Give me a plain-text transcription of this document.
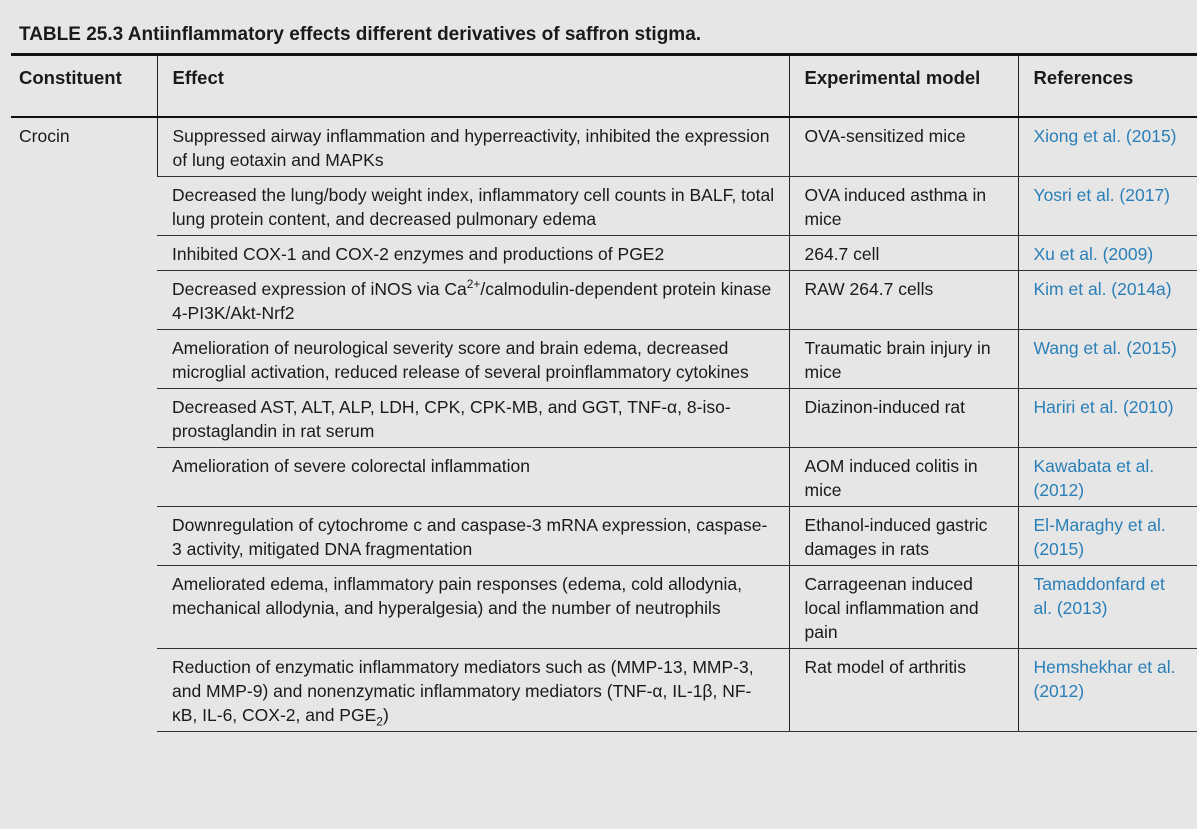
TABLE 25.3 Antiinflammatory effects different derivatives of saffron stigma.
Constituent	Effect	Experimental model	References
Crocin	Suppressed airway inflammation and hyperreactivity, inhibited the expression of lung eotaxin and MAPKs	OVA-sensitized mice	Xiong et al. (2015)
	Decreased the lung/body weight index, inflammatory cell counts in BALF, total lung protein content, and decreased pulmonary edema	OVA induced asthma in mice	Yosri et al. (2017)
	Inhibited COX-1 and COX-2 enzymes and productions of PGE2	264.7 cell	Xu et al. (2009)
	Decreased expression of iNOS via $Ca^{2+}/calmodulin$-dependent protein kinase 4-PI3K/Akt-Nrf2	RAW 264.7 cells	Kim et al. (2014a)
	Amelioration of neurological severity score and brain edema, decreased microglial activation, reduced release of several proinflammatory cytokines	Traumatic brain injury in mice	Wang et al. (2015)
	Decreased AST, ALT, ALP, LDH, CPK, CPK-MB, and GGT, TNF-α, 8-iso-prostaglandin in rat serum	Diazinon-induced rat	Hariri et al. (2010)
	Amelioration of severe colorectal inflammation	AOM induced colitis in mice	Kawabata et al. (2012)
	Downregulation of cytochrome c and caspase-3 mRNA expression, caspase-3 activity, mitigated DNA fragmentation	Ethanol-induced gastric damages in rats	El-Maraghy et al. (2015)
	Ameliorated edema, inflammatory pain responses (edema, cold allodynia, mechanical allodynia, and hyperalgesia) and the number of neutrophils	Carrageenan induced local inflammation and pain	Tamaddonfard et al. (2013)
	Reduction of enzymatic inflammatory mediators such as (MMP-13, MMP-3, and MMP-9) and nonenzymatic inflammatory mediators (TNF-α, IL-1β, NF-κB, IL-6, COX-2, and $PGE_2$)	Rat model of arthritis	Hemshekhar et al. (2012)
